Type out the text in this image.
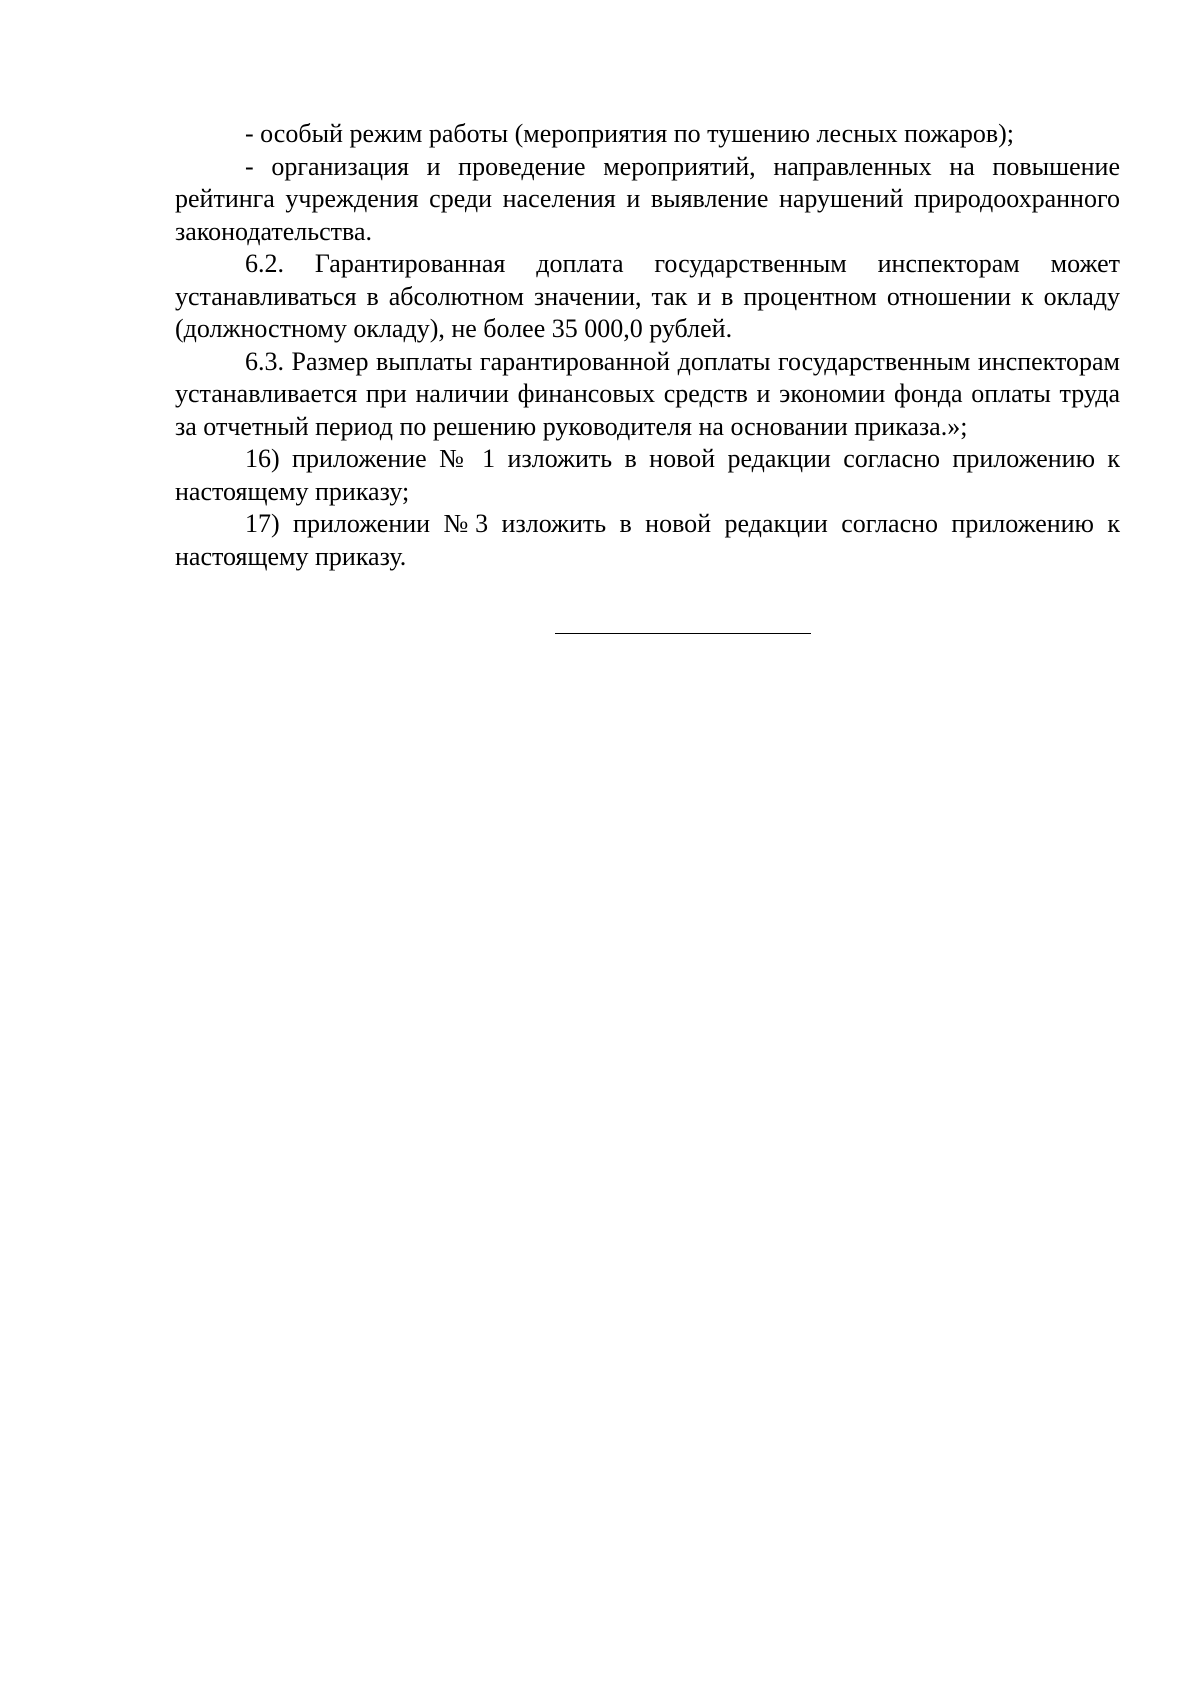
- особый режим работы (мероприятия по тушению лесных пожаров);

- организация и проведение мероприятий, направленных на повышение рейтинга учреждения среди населения и выявление нарушений природоохранного законодательства.

6.2. Гарантированная доплата государственным инспекторам может устанавливаться в абсолютном значении, так и в процентном отношении к окладу (должностному окладу), не более 35 000,0 рублей.

6.3. Размер выплаты гарантированной доплаты государственным инспекторам устанавливается при наличии финансовых средств и экономии фонда оплаты труда за отчетный период по решению руководителя на основании приказа.»;

16) приложение № 1 изложить в новой редакции согласно приложению к настоящему приказу;

17) приложении №3 изложить в новой редакции согласно приложению к настоящему приказу.
